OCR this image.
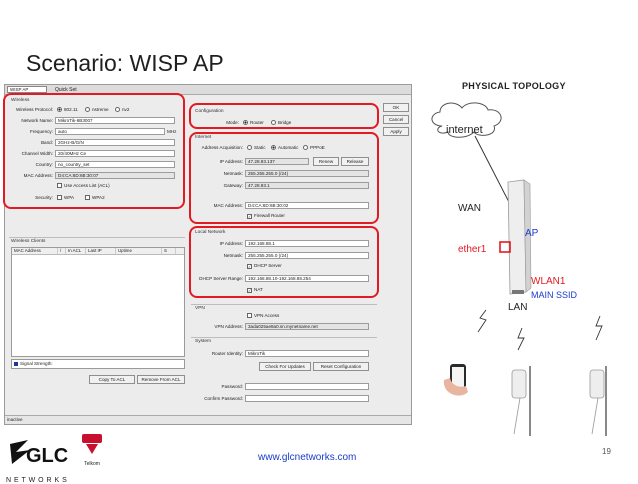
Scenario: WISP AP
WISP AP	Quick Set
Wireless
Wireless Protocol:	802.11	nstreme	nv2
Network Name:	MikroTik-6B3007
Frequency:	auto	MHz
Band:	2GHz-B/G/N
Channel Width:	20/40MHz Ce
Country:	no_country_set
MAC Address:	D4:CA:6D:6B:30:07
Use Access List (ACL)
Security:	WPA	WPA2
Wireless Clients
MAC Address	/	In ACL	Last IP	Uptime	S
Signal Strength:
Copy To ACL	Remove From ACL
Configuration
Mode:	Router	Bridge
OK
Cancel
Apply
Internet
Address Acquisition:	Static	Automatic	PPPoE
IP Address:	47.28.93.137	Renew	Release
Netmask:	255.255.255.0 (/24)
Gateway:	47.28.93.1
MAC Address:	D4:CA:6D:6B:30:02
✓ Firewall Router
Local Network
IP Address:	192.168.88.1
Netmask:	255.255.255.0 (/24)
✓ DHCP Server
DHCP Server Range:	192.168.88.10-192.168.88.254
✓ NAT
VPN
VPN Access
VPN Address:	3ada025ae8a0.sn.mynetname.net
System
Router Identity:	MikroTik
Check For Updates	Reset Configuration
Password:
Confirm Password:
inactive
PHYSICAL TOPOLOGY
internet
WAN
AP
ether1
WLAN1
MAIN SSID
LAN
GLC
N E T W O R K S
Telkom
www.glcnetworks.com
19
